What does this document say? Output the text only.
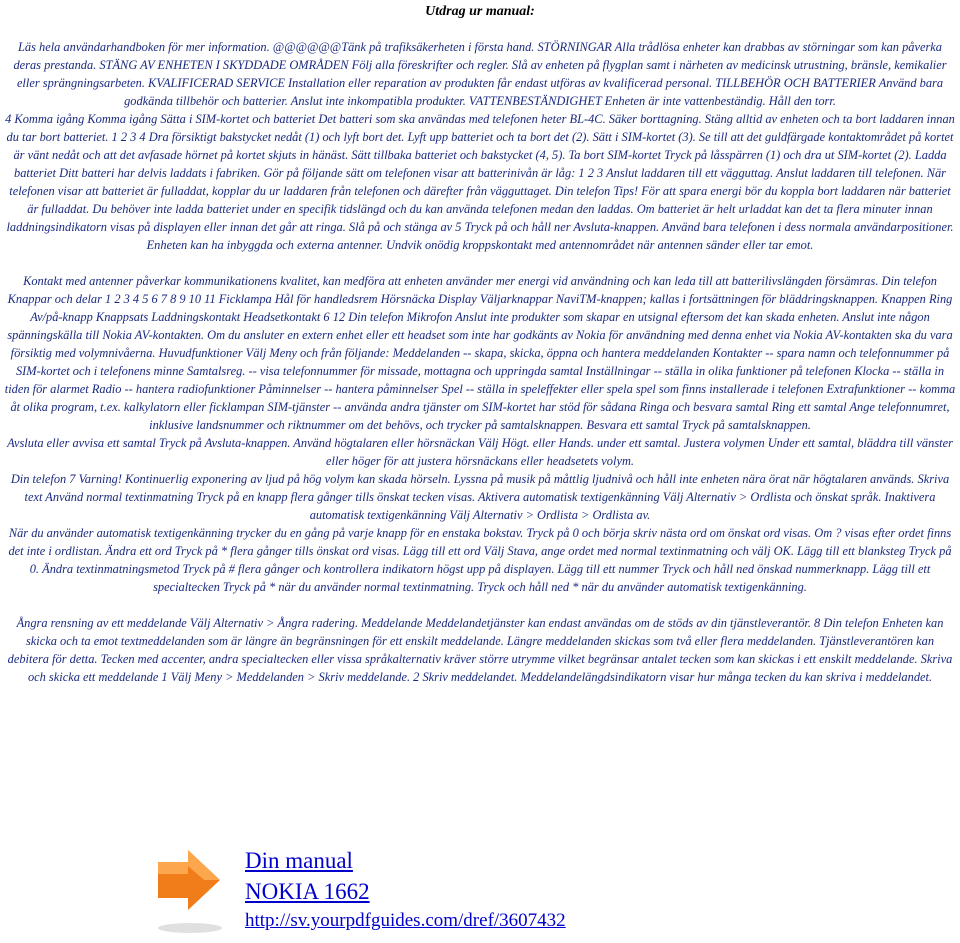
Utdrag ur manual:

Läs hela användarhandboken för mer information. @@@@@@Tänk på trafiksäkerheten i första hand. STÖRNINGAR Alla trådlösa enheter kan drabbas av störningar som kan påverka deras prestanda. STÄNG AV ENHETEN I SKYDDADE OMRÅDEN Följ alla föreskrifter och regler. Slå av enheten på flygplan samt i närheten av medicinsk utrustning, bränsle, kemikalier eller sprängningsarbeten. KVALIFICERAD SERVICE Installation eller reparation av produkten får endast utföras av kvalificerad personal. TILLBEHÖR OCH BATTERIER Använd bara godkända tillbehör och batterier. Anslut inte inkompatibla produkter. VATTENBESTÄNDIGHET Enheten är inte vattenbeständig. Håll den torr.

4 Komma igång Komma igång Sätta i SIM-kortet och batteriet Det batteri som ska användas med telefonen heter BL-4C. Säker borttagning. Stäng alltid av enheten och ta bort laddaren innan du tar bort batteriet. 1 2 3 4 Dra försiktigt bakstycket nedåt (1) och lyft bort det. Lyft upp batteriet och ta bort det (2). Sätt i SIM-kortet (3). Se till att det guldfärgade kontaktområdet på kortet är vänt nedåt och att det avfasade hörnet på kortet skjuts in hänäst. Sätt tillbaka batteriet och bakstycket (4, 5). Ta bort SIM-kortet Tryck på låsspärren (1) och dra ut SIM-kortet (2). Ladda batteriet Ditt batteri har delvis laddats i fabriken. Gör på följande sätt om telefonen visar att batterinivån är låg: 1 2 3 Anslut laddaren till ett vägguttag. Anslut laddaren till telefonen. När telefonen visar att batteriet är fulladdat, kopplar du ur laddaren från telefonen och därefter från vägguttaget. Din telefon Tips! För att spara energi bör du koppla bort laddaren när batteriet är fulladdat. Du behöver inte ladda batteriet under en specifik tidslängd och du kan använda telefonen medan den laddas. Om batteriet är helt urladdat kan det ta flera minuter innan laddningsindikatorn visas på displayen eller innan det går att ringa. Slå på och stänga av 5 Tryck på och håll ner Avsluta-knappen. Använd bara telefonen i dess normala användarpositioner. Enheten kan ha inbyggda och externa antenner. Undvik onödig kroppskontakt med antennområdet när antennen sänder eller tar emot.

Kontakt med antenner påverkar kommunikationens kvalitet, kan medföra att enheten använder mer energi vid användning och kan leda till att batterilivslängden försämras. Din telefon Knappar och delar 1 2 3 4 5 6 7 8 9 10 11 Ficklampa Hål för handledsrem Hörsnäcka Display Väljarknappar NaviTM-knappen; kallas i fortsättningen för bläddringsknappen. Knappen Ring Av/på-knapp Knappsats Laddningskontakt Headsetkontakt 6 12 Din telefon Mikrofon Anslut inte produkter som skapar en utsignal eftersom det kan skada enheten. Anslut inte någon spänningskälla till Nokia AV-kontakten. Om du ansluter en extern enhet eller ett headset som inte har godkänts av Nokia för användning med denna enhet via Nokia AV-kontakten ska du vara försiktig med volymnivåerna. Huvudfunktioner Välj Meny och från följande: Meddelanden -- skapa, skicka, öppna och hantera meddelanden Kontakter -- spara namn och telefonnummer på SIM-kortet och i telefonens minne Samtalsreg. -- visa telefonnummer för missade, mottagna och uppringda samtal Inställningar -- ställa in olika funktioner på telefonen Klocka -- ställa in tiden för alarmet Radio -- hantera radiofunktioner Påminnelser -- hantera påminnelser Spel -- ställa in speleffekter eller spela spel som finns installerade i telefonen Extrafunktioner -- komma åt olika program, t.ex. kalkylatorn eller ficklampan SIM-tjänster -- använda andra tjänster om SIM-kortet har stöd för sådana Ringa och besvara samtal Ring ett samtal Ange telefonnumret, inklusive landsnummer och riktnummer om det behövs, och trycker på samtalsknappen. Besvara ett samtal Tryck på samtalsknappen.

Avsluta eller avvisa ett samtal Tryck på Avsluta-knappen. Använd högtalaren eller hörsnäckan Välj Högt. eller Hands. under ett samtal. Justera volymen Under ett samtal, bläddra till vänster eller höger för att justera hörsnäckans eller headsetets volym.

Din telefon 7 Varning! Kontinuerlig exponering av ljud på hög volym kan skada hörseln. Lyssna på musik på måttlig ljudnivå och håll inte enheten nära örat när högtalaren används. Skriva text Använd normal textinmatning Tryck på en knapp flera gånger tills önskat tecken visas. Aktivera automatisk textigenkänning Välj Alternativ > Ordlista och önskat språk. Inaktivera automatisk textigenkänning Välj Alternativ > Ordlista > Ordlista av.

När du använder automatisk textigenkänning trycker du en gång på varje knapp för en enstaka bokstav. Tryck på 0 och börja skriv nästa ord om önskat ord visas. Om ? visas efter ordet finns det inte i ordlistan. Ändra ett ord Tryck på * flera gånger tills önskat ord visas. Lägg till ett ord Välj Stava, ange ordet med normal textinmatning och välj OK. Lägg till ett blanksteg Tryck på 0. Ändra textinmatningsmetod Tryck på # flera gånger och kontrollera indikatorn högst upp på displayen. Lägg till ett nummer Tryck och håll ned önskad nummerknapp. Lägg till ett specialtecken Tryck på * när du använder normal textinmatning. Tryck och håll ned * när du använder automatisk textigenkänning.

Ångra rensning av ett meddelande Välj Alternativ > Ångra radering. Meddelande Meddelandetjänster kan endast användas om de stöds av din tjänstleverantör. 8 Din telefon Enheten kan skicka och ta emot textmeddelanden som är längre än begränsningen för ett enskilt meddelande. Längre meddelanden skickas som två eller flera meddelanden. Tjänstleverantören kan debitera för detta. Tecken med accenter, andra specialtecken eller vissa språkalternativ kräver större utrymme vilket begränsar antalet tecken som kan skickas i ett enskilt meddelande. Skriva och skicka ett meddelande 1 Välj Meny > Meddelanden > Skriv meddelande. 2 Skriv meddelandet. Meddelandelängdsindikatorn visar hur många tecken du kan skriva i meddelandet.

Din manual
NOKIA 1662
http://sv.yourpdfguides.com/dref/3607432
